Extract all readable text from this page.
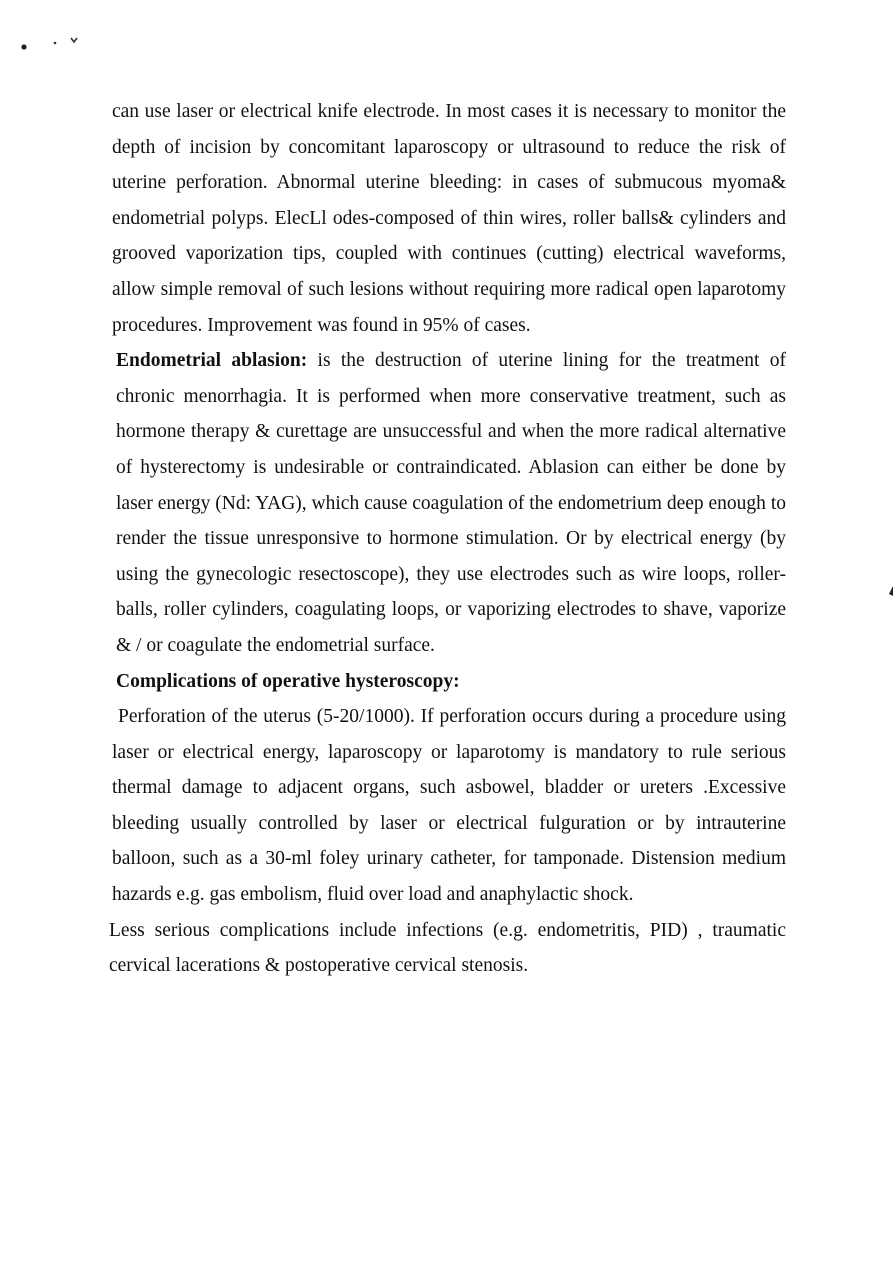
can use laser or electrical knife electrode. In most cases it is necessary to monitor the depth of incision by concomitant laparoscopy or ultrasound to reduce the risk of uterine perforation. Abnormal uterine bleeding: in cases of submucous myoma& endometrial polyps. ElecLl odes-composed of thin wires, roller balls& cylinders and grooved vaporization tips, coupled with continues (cutting) electrical waveforms, allow simple removal of such lesions without requiring more radical open laparotomy procedures. Improvement was found in 95% of cases.

Endometrial ablasion: is the destruction of uterine lining for the treatment of chronic menorrhagia. It is performed when more conservative treatment, such as hormone therapy & curettage are unsuccessful and when the more radical alternative of hysterectomy is undesirable or contraindicated. Ablasion can either be done by laser energy (Nd: YAG), which cause coagulation of the endometrium deep enough to render the tissue unresponsive to hormone stimulation. Or by electrical energy (by using the gynecologic resectoscope), they use electrodes such as wire loops, roller-balls, roller cylinders, coagulating loops, or vaporizing electrodes to shave, vaporize & / or coagulate the endometrial surface.

Complications of operative hysteroscopy:

Perforation of the uterus (5-20/1000). If perforation occurs during a procedure using laser or electrical energy, laparoscopy or laparotomy is mandatory to rule serious thermal damage to adjacent organs, such asbowel, bladder or ureters .Excessive bleeding usually controlled by laser or electrical fulguration or by intrauterine balloon, such as a 30-ml foley urinary catheter, for tamponade. Distension medium hazards e.g. gas embolism, fluid over load and anaphylactic shock.

Less serious complications include infections (e.g. endometritis, PID) , traumatic cervical lacerations & postoperative cervical stenosis.
